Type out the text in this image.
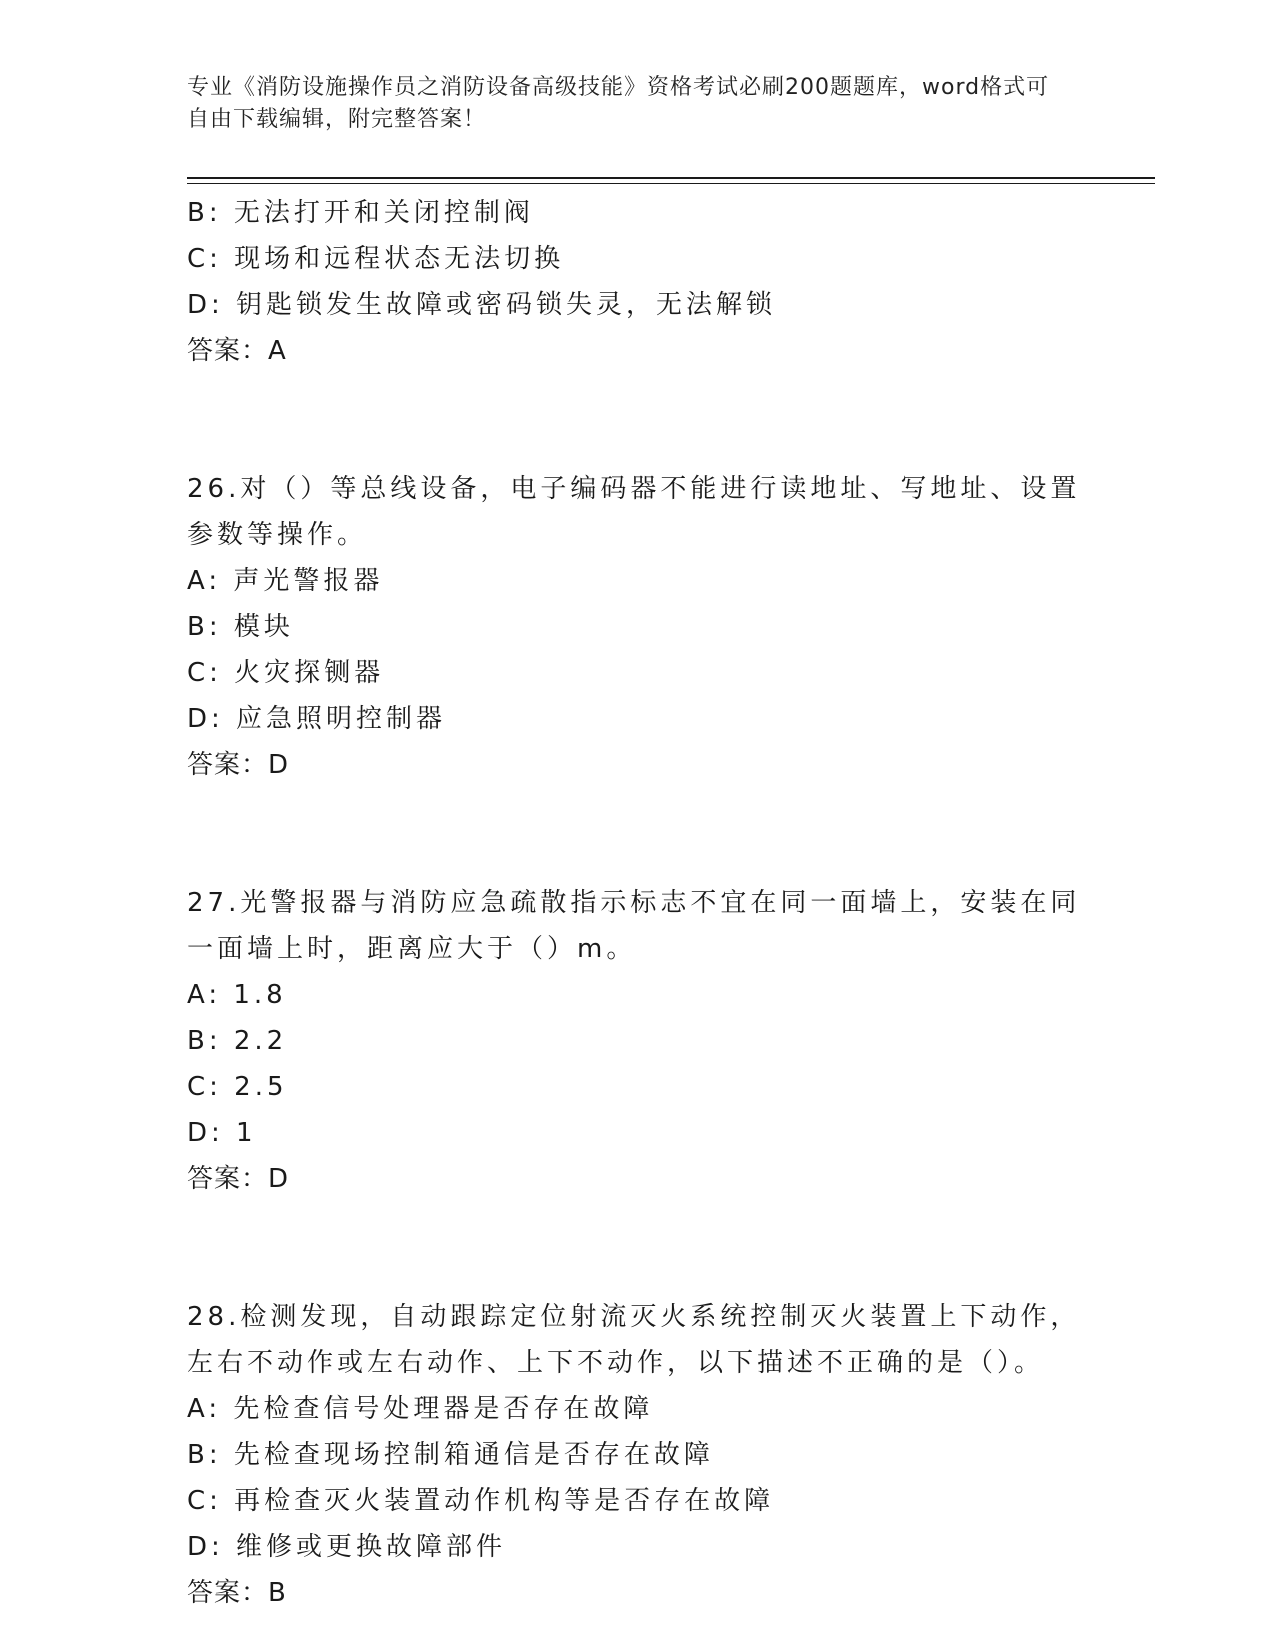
专业《消防设施操作员之消防设备高级技能》资格考试必刷200题题库，word格式可自由下载编辑，附完整答案！
B: 无法打开和关闭控制阀
C: 现场和远程状态无法切换
D: 钥匙锁发生故障或密码锁失灵，无法解锁
答案：A
26.对（）等总线设备，电子编码器不能进行读地址、写地址、设置参数等操作。
A: 声光警报器
B: 模块
C: 火灾探铡器
D: 应急照明控制器
答案：D
27.光警报器与消防应急疏散指示标志不宜在同一面墙上，安装在同一面墙上时，距离应大于（）m。
A: 1.8
B: 2.2
C: 2.5
D: 1
答案：D
28.检测发现，自动跟踪定位射流灭火系统控制灭火装置上下动作，左右不动作或左右动作、上下不动作，以下描述不正确的是（）。
A: 先检查信号处理器是否存在故障
B: 先检查现场控制箱通信是否存在故障
C: 再检查灭火装置动作机构等是否存在故障
D: 维修或更换故障部件
答案：B
